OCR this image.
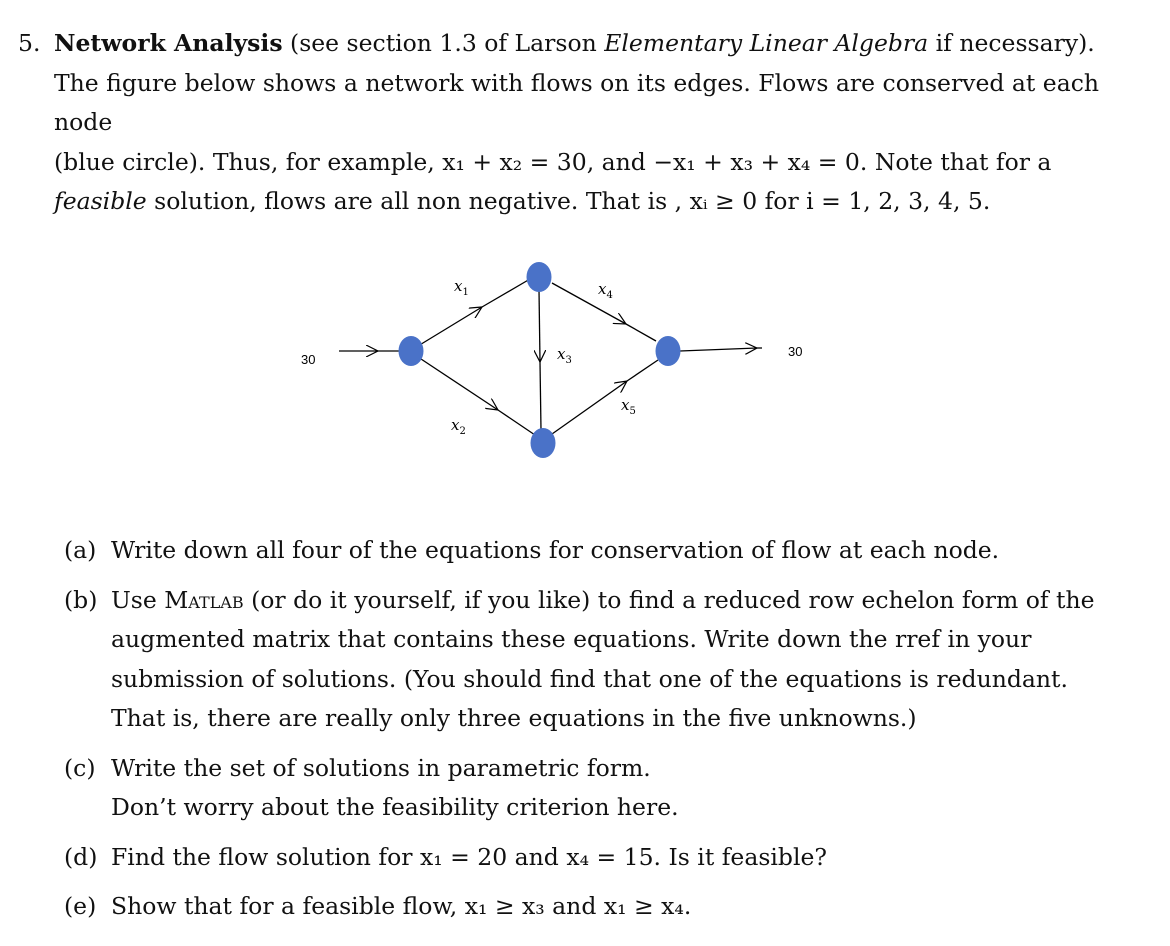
5. Network Analysis (see section 1.3 of Larson Elementary Linear Algebra if necessary).
The figure below shows a network with flows on its edges. Flows are conserved at each node
(blue circle). Thus, for example, x₁ + x₂ = 30, and −x₁ + x₃ + x₄ = 0. Note that for a
feasible solution, flows are all non negative. That is , xᵢ ≥ 0 for i = 1, 2, 3, 4, 5.
30
30
$x_1$
$x_2$
$x_3$
$x_4$
$x_5$
(a) Write down all four of the equations for conservation of flow at each node.
(b) Use Matlab (or do it yourself, if you like) to find a reduced row echelon form of the augmented matrix that contains these equations. Write down the rref in your submission of solutions. (You should find that one of the equations is redundant. That is, there are really only three equations in the five unknowns.)
(c) Write the set of solutions in parametric form.
Don’t worry about the feasibility criterion here.
(d) Find the flow solution for x₁ = 20 and x₄ = 15. Is it feasible?
(e) Show that for a feasible flow, x₁ ≥ x₃ and x₁ ≥ x₄.
